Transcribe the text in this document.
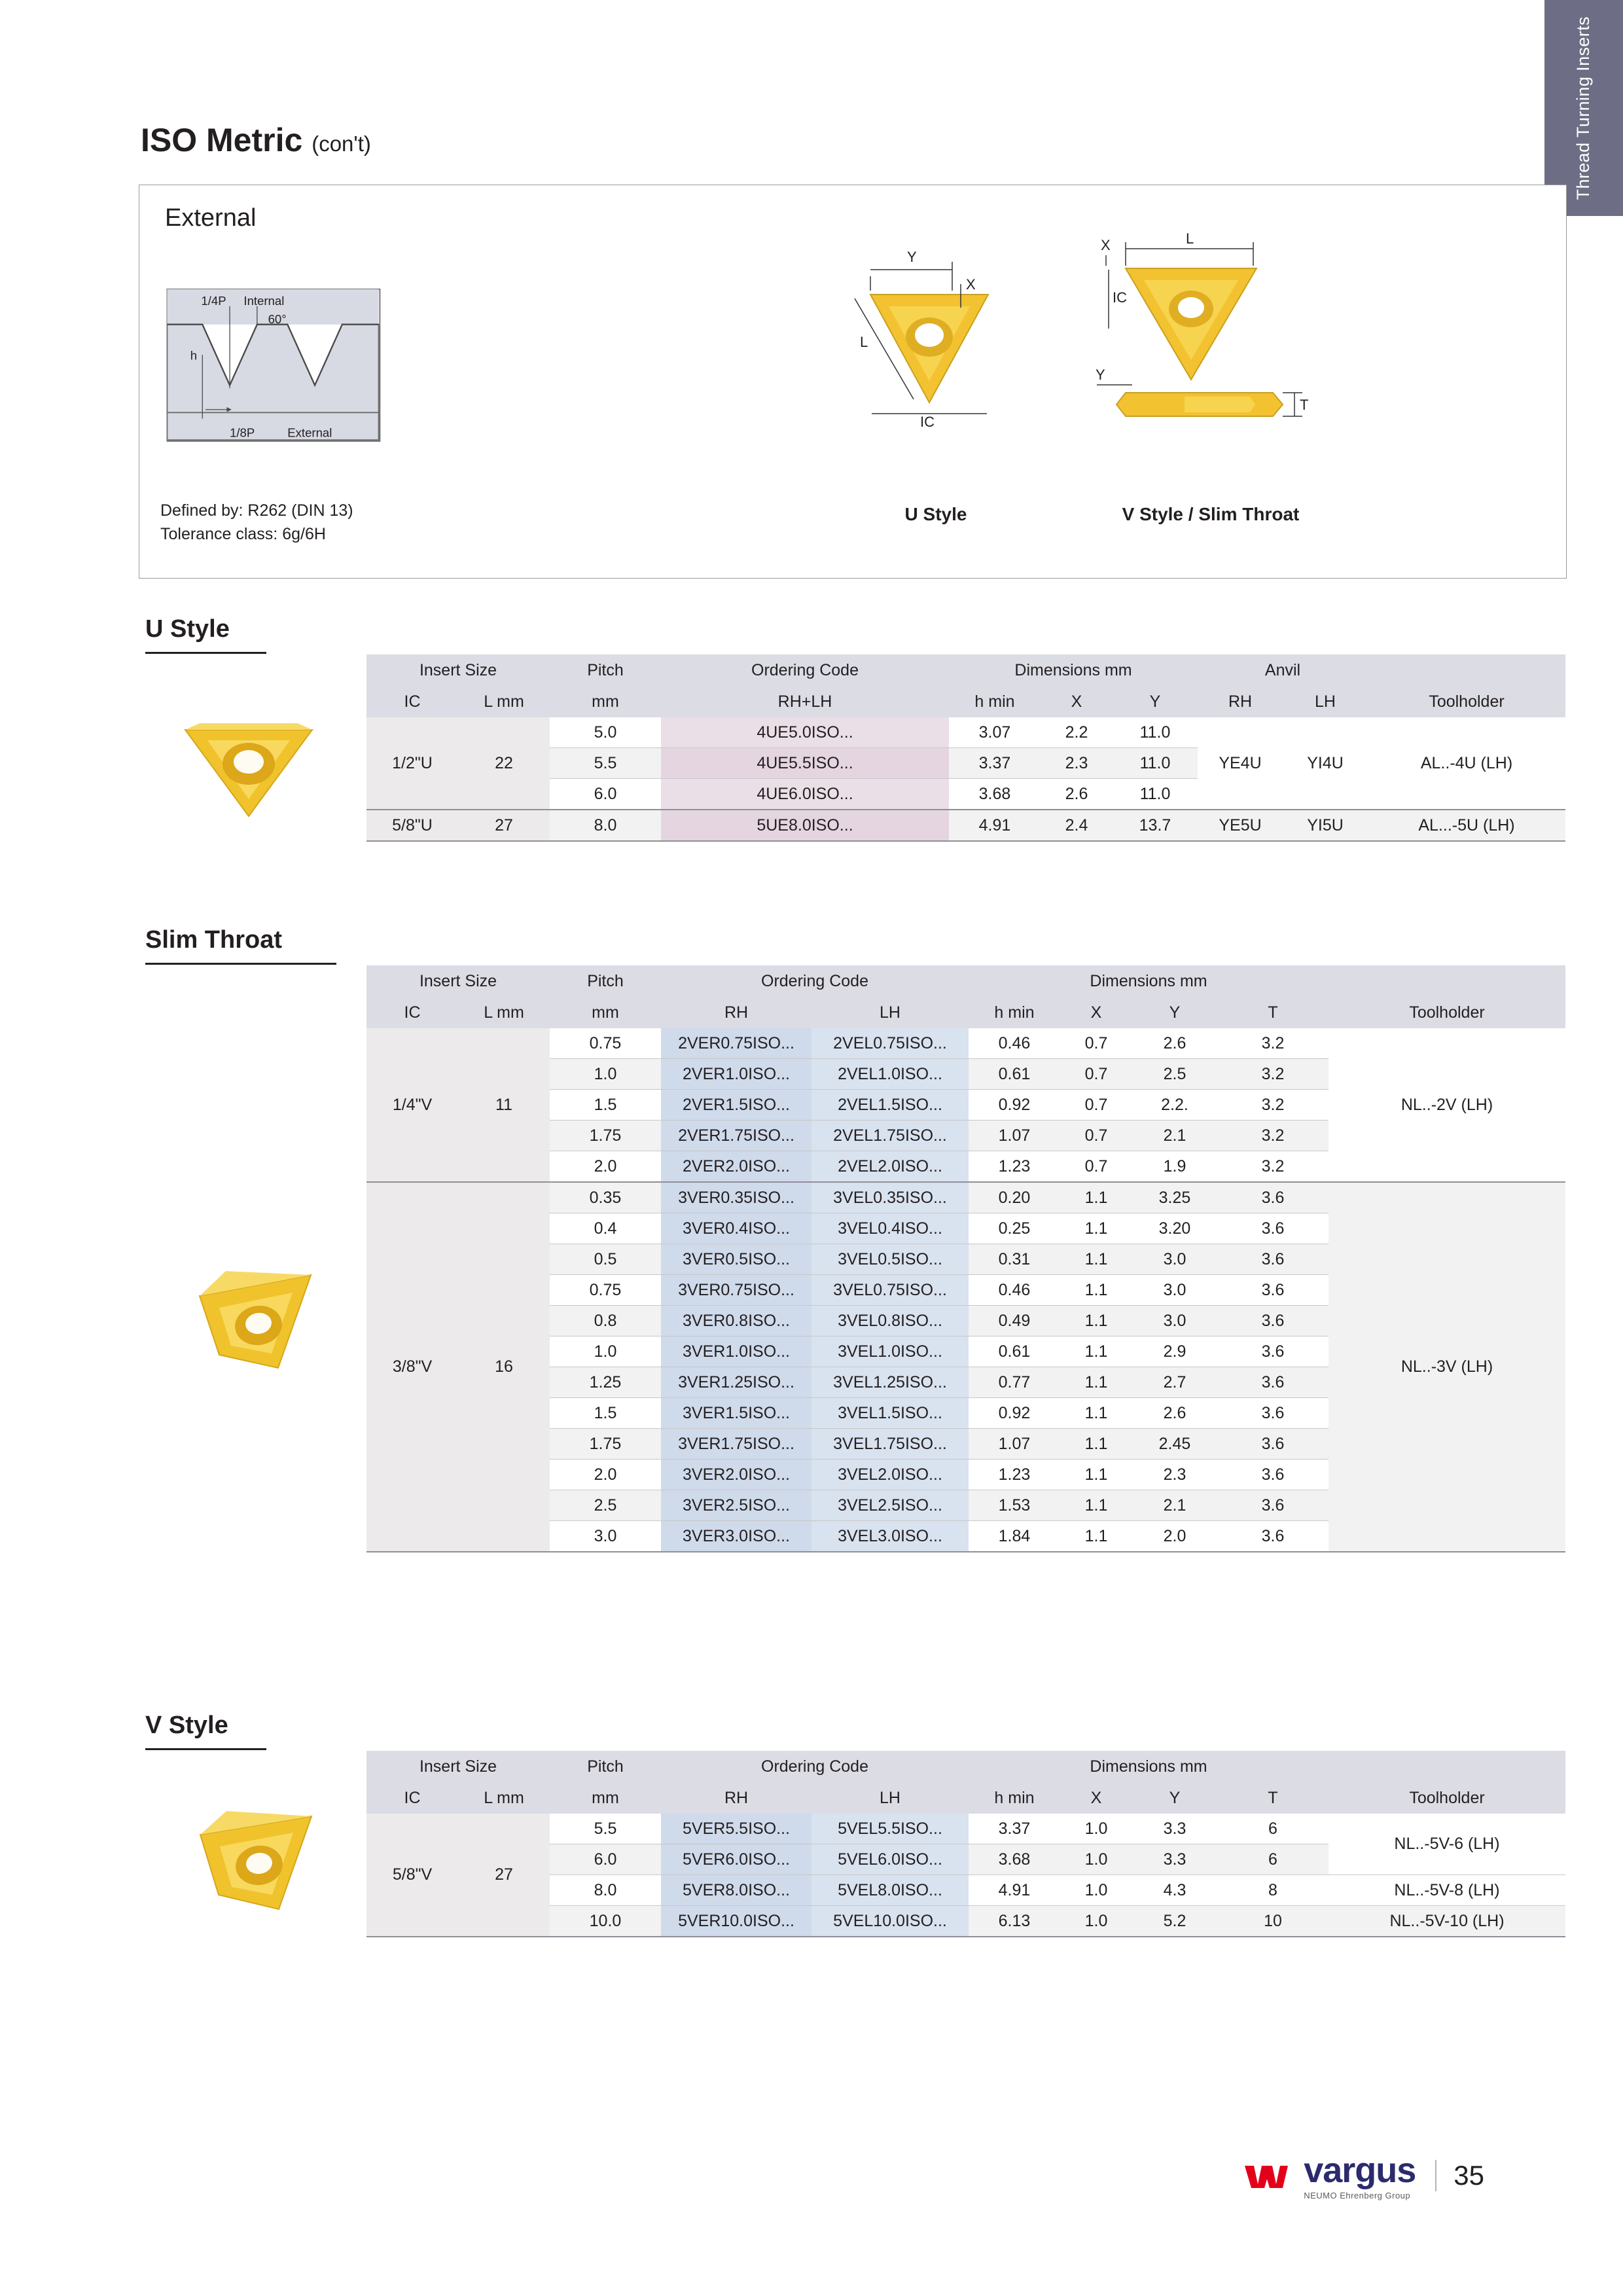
Thread Turning Inserts
ISO Metric (con't)
External
1/4P Internal
60°
h
1/8P	External
Defined by: R262 (DIN 13)
Tolerance class: 6g/6H
Y
X
L
IC
L
X
IC
Y
T
U Style	V Style / Slim Throat
U Style
Insert Size		Pitch	Ordering Code	Dimensions mm			Anvil		
IC	L mm	mm	RH+LH	h min	X	Y	RH	LH	Toolholder
1/2"U	22	5.0	4UE5.0ISO...	3.07	2.2	11.0	YE4U	YI4U	AL..-4U (LH)
		5.5	4UE5.5ISO...	3.37	2.3	11.0			
		6.0	4UE6.0ISO...	3.68	2.6	11.0			
5/8"U	27	8.0	5UE8.0ISO...	4.91	2.4	13.7	YE5U	YI5U	AL...-5U (LH)
Slim Throat
Insert Size		Pitch	Ordering Code		Dimensions mm				
IC	L mm	mm	RH	LH	h min	X	Y	T	Toolholder
1/4"V	11	0.75	2VER0.75ISO...	2VEL0.75ISO...	0.46	0.7	2.6	3.2	NL..-2V (LH)
		1.0	2VER1.0ISO...	2VEL1.0ISO...	0.61	0.7	2.5	3.2	
		1.5	2VER1.5ISO...	2VEL1.5ISO...	0.92	0.7	2.2.	3.2	
		1.75	2VER1.75ISO...	2VEL1.75ISO...	1.07	0.7	2.1	3.2	
		2.0	2VER2.0ISO...	2VEL2.0ISO...	1.23	0.7	1.9	3.2	
3/8"V	16	0.35	3VER0.35ISO...	3VEL0.35ISO...	0.20	1.1	3.25	3.6	NL..-3V (LH)
		0.4	3VER0.4ISO...	3VEL0.4ISO...	0.25	1.1	3.20	3.6	
		0.5	3VER0.5ISO...	3VEL0.5ISO...	0.31	1.1	3.0	3.6	
		0.75	3VER0.75ISO...	3VEL0.75ISO...	0.46	1.1	3.0	3.6	
		0.8	3VER0.8ISO...	3VEL0.8ISO...	0.49	1.1	3.0	3.6	
		1.0	3VER1.0ISO...	3VEL1.0ISO...	0.61	1.1	2.9	3.6	
		1.25	3VER1.25ISO...	3VEL1.25ISO...	0.77	1.1	2.7	3.6	
		1.5	3VER1.5ISO...	3VEL1.5ISO...	0.92	1.1	2.6	3.6	
		1.75	3VER1.75ISO...	3VEL1.75ISO...	1.07	1.1	2.45	3.6	
		2.0	3VER2.0ISO...	3VEL2.0ISO...	1.23	1.1	2.3	3.6	
		2.5	3VER2.5ISO...	3VEL2.5ISO...	1.53	1.1	2.1	3.6	
		3.0	3VER3.0ISO...	3VEL3.0ISO...	1.84	1.1	2.0	3.6	
V Style
Insert Size		Pitch	Ordering Code		Dimensions mm				
IC	L mm	mm	RH	LH	h min	X	Y	T	Toolholder
5/8"V	27	5.5	5VER5.5ISO...	5VEL5.5ISO...	3.37	1.0	3.3	6	NL..-5V-6 (LH)
		6.0	5VER6.0ISO...	5VEL6.0ISO...	3.68	1.0	3.3	6	
		8.0	5VER8.0ISO...	5VEL8.0ISO...	4.91	1.0	4.3	8	NL..-5V-8 (LH)
		10.0	5VER10.0ISO...	5VEL10.0ISO...	6.13	1.0	5.2	10	NL..-5V-10 (LH)
vargus
NEUMO Ehrenberg Group
35
